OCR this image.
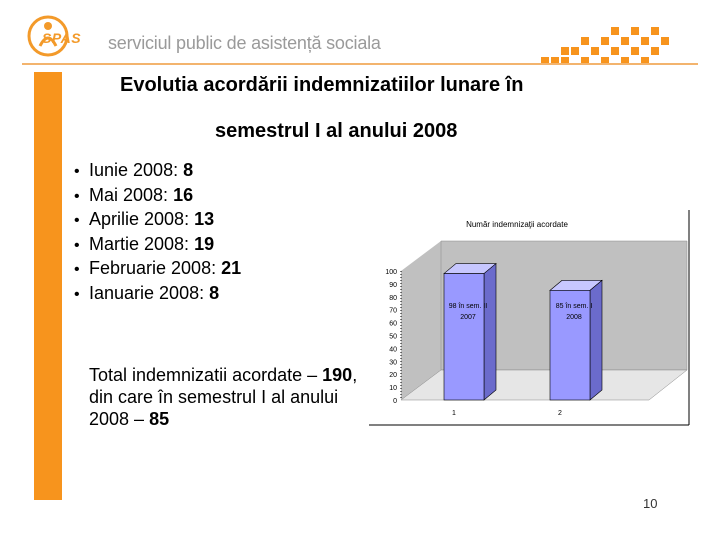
SPAS serviciul public de asistență sociala
Evolutia acordării indemnizatiilor lunare în
semestrul I al anului 2008
• Iunie 2008: 8
• Mai 2008: 16
• Aprilie 2008: 13
• Martie 2008: 19
• Februarie 2008: 21
• Ianuarie 2008: 8
Total indemnizatii acordate – 190, din care în semestrul I al anului 2008 – 85
Număr indemnizaţii acordate
0
10
20
30
40
50
60
70
80
90
100
98 în sem. II
2007
1
85 în sem. I
2008
2
10
